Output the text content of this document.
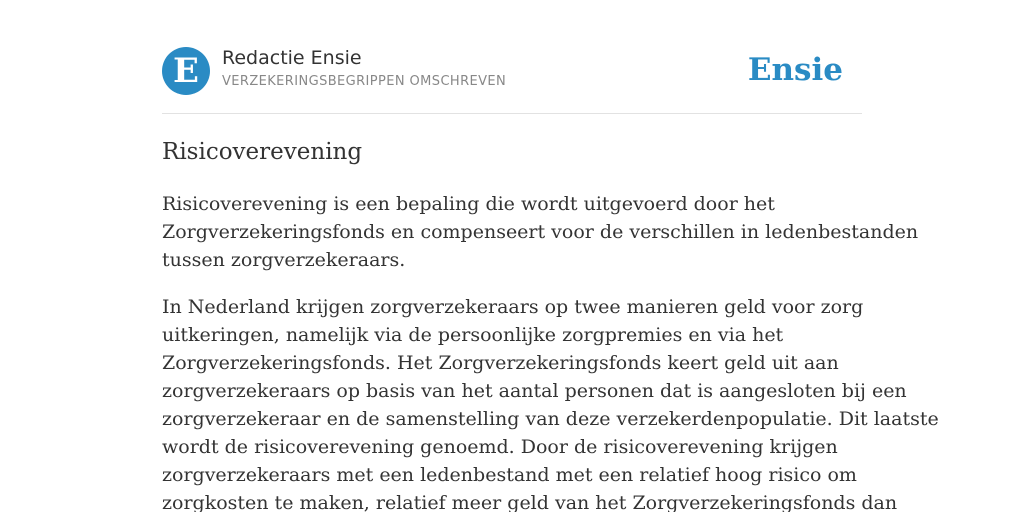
E	Redactie Ensie
VERZEKERINGSBEGRIPPEN OMSCHREVEN	Ensie
Risicoverevening

Risicoverevening is een bepaling die wordt uitgevoerd door het
Zorgverzekeringsfonds en compenseert voor de verschillen in ledenbestanden
tussen zorgverzekeraars.

In Nederland krijgen zorgverzekeraars op twee manieren geld voor zorg
uitkeringen, namelijk via de persoonlijke zorgpremies en via het
Zorgverzekeringsfonds. Het Zorgverzekeringsfonds keert geld uit aan
zorgverzekeraars op basis van het aantal personen dat is aangesloten bij een
zorgverzekeraar en de samenstelling van deze verzekerdenpopulatie. Dit laatste
wordt de risicoverevening genoemd. Door de risicoverevening krijgen
zorgverzekeraars met een ledenbestand met een relatief hoog risico om
zorgkosten te maken, relatief meer geld van het Zorgverzekeringsfonds dan
